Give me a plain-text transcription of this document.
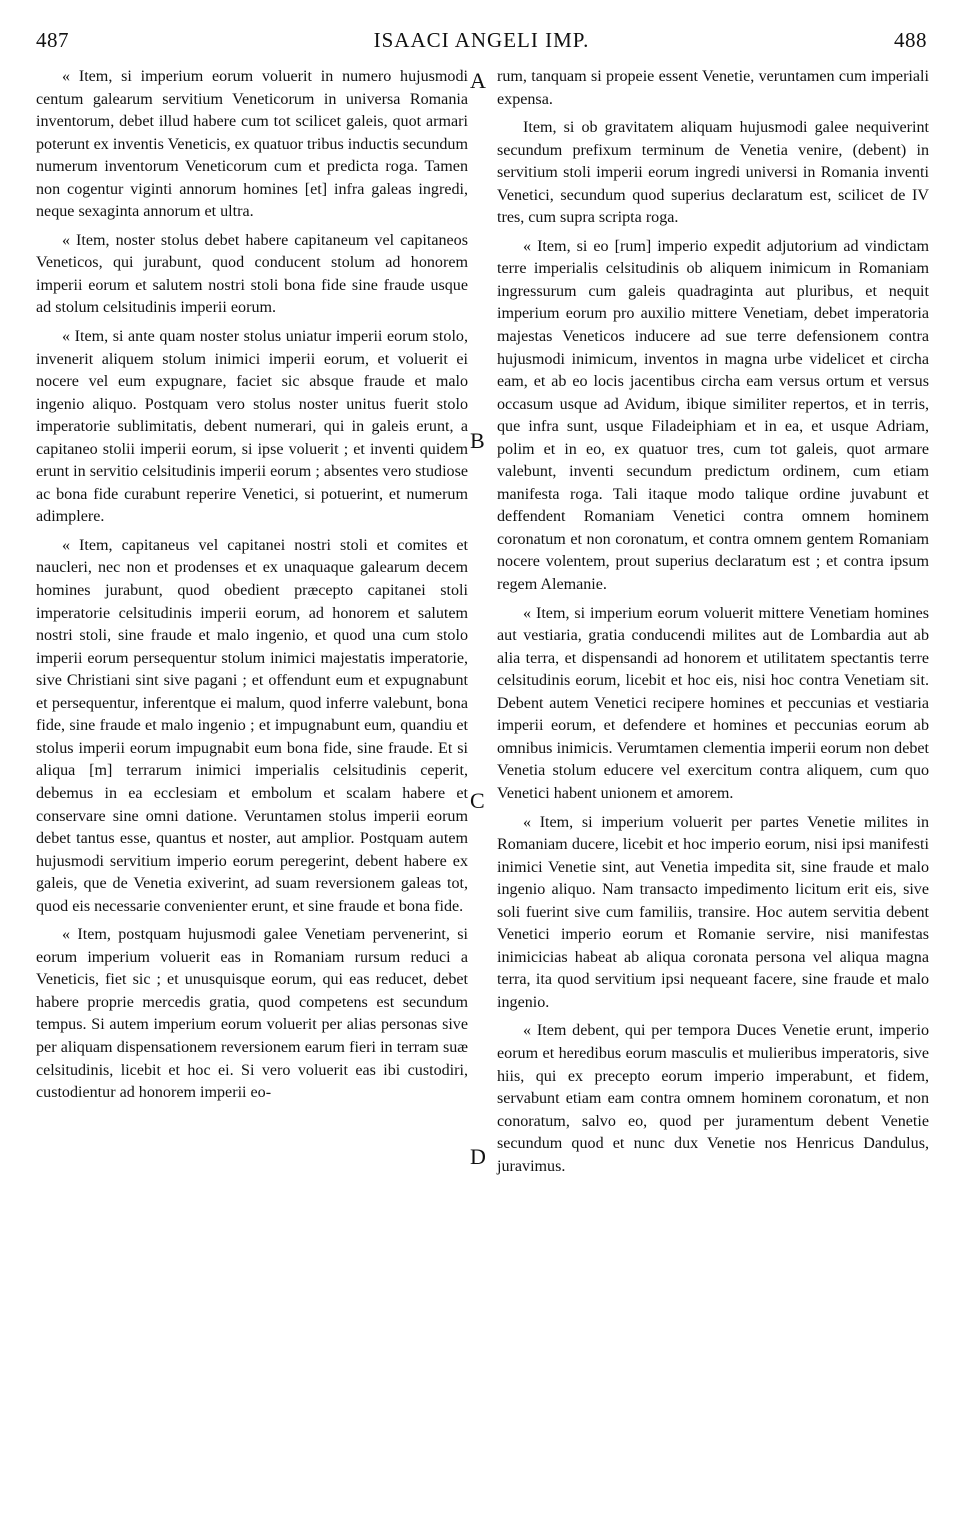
487	ISAACI ANGELI IMP.	488

« Item, si imperium eorum voluerit in numero hujusmodi centum galearum servitium Veneticorum in universa Romania inventorum, debet illud habere cum tot scilicet galeis, quot armari poterunt ex inventis Veneticis, ex quatuor tribus inductis secundum numerum inventorum Veneticorum cum et predicta roga. Tamen non cogentur viginti annorum homines [et] infra galeas ingredi, neque sexaginta annorum et ultra.

« Item, noster stolus debet habere capitaneum vel capitaneos Veneticos, qui jurabunt, quod conducent stolum ad honorem imperii eorum et salutem nostri stoli bona fide sine fraude usque ad stolum celsitudinis imperii eorum.

« Item, si ante quam noster stolus uniatur imperii eorum stolo, invenerit aliquem stolum inimici imperii eorum, et voluerit ei nocere vel eum expugnare, faciet sic absque fraude et malo ingenio aliquo. Postquam vero stolus noster unitus fuerit stolo imperatorie sublimitatis, debent numerari, qui in galeis erunt, a capitaneo stolii imperii eorum, si ipse voluerit ; et inventi quidem erunt in servitio celsitudinis imperii eorum ; absentes vero studiose ac bona fide curabunt reperire Venetici, si potuerint, et numerum adimplere.

« Item, capitaneus vel capitanei nostri stoli et comites et naucleri, nec non et prodenses et ex unaquaque galearum decem homines jurabunt, quod obedient præcepto capitanei stoli imperatorie celsitudinis imperii eorum, ad honorem et salutem nostri stoli, sine fraude et malo ingenio, et quod una cum stolo imperii eorum persequentur stolum inimici majestatis imperatorie, sive Christiani sint sive pagani ; et offendunt eum et expugnabunt et persequentur, inferentque ei malum, quod inferre valebunt, bona fide, sine fraude et malo ingenio ; et impugnabunt eum, quandiu et stolus imperii eorum impugnabit eum bona fide, sine fraude. Et si aliqua [m] terrarum inimici imperialis celsitudinis ceperit, debemus in ea ecclesiam et embolum et scalam habere et conservare sine omni datione. Veruntamen stolus imperii eorum debet tantus esse, quantus et noster, aut amplior. Postquam autem hujusmodi servitium imperio eorum peregerint, debent habere ex galeis, que de Venetia exiverint, ad suam reversionem galeas tot, quod eis necessarie convenienter erunt, et sine fraude et bona fide.

« Item, postquam hujusmodi galee Venetiam pervenerint, si eorum imperium voluerit eas in Romaniam rursum reduci a Veneticis, fiet sic ; et unusquisque eorum, qui eas reducet, debet habere proprie mercedis gratia, quod competens est secundum tempus. Si autem imperium eorum voluerit per alias personas sive per aliquam dispensationem reversionem earum fieri in terram suæ celsitudinis, licebit et hoc ei. Si vero voluerit eas ibi custodiri, custodientur ad honorem imperii eo-

A
B
C
D

rum, tanquam si propeie essent Venetie, veruntamen cum imperiali expensa.

Item, si ob gravitatem aliquam hujusmodi galee nequiverint secundum prefixum terminum de Venetia venire, (debent) in servitium stoli imperii eorum ingredi universi in Romania inventi Venetici, secundum quod superius declaratum est, scilicet de IV tres, cum supra scripta roga.

« Item, si eo [rum] imperio expedit adjutorium ad vindictam terre imperialis celsitudinis ob aliquem inimicum in Romaniam ingressurum cum galeis quadraginta aut pluribus, et nequit imperium eorum pro auxilio mittere Venetiam, debet imperatoria majestas Veneticos inducere ad sue terre defensionem contra hujusmodi inimicum, inventos in magna urbe videlicet et circha eam, et ab eo locis jacentibus circha eam versus ortum et versus occasum usque ad Avidum, ibique similiter repertos, et in terris, que infra sunt, usque Filadeiphiam et in ea, et usque Adriam, polim et in eo, ex quatuor tres, cum tot galeis, quot armare valebunt, inventi secundum predictum ordinem, cum etiam manifesta roga. Tali itaque modo talique ordine juvabunt et deffendent Romaniam Venetici contra omnem hominem coronatum et non coronatum, et contra omnem gentem Romaniam nocere volentem, prout superius declaratum est ; et contra ipsum regem Alemanie.

« Item, si imperium eorum voluerit mittere Venetiam homines aut vestiaria, gratia conducendi milites aut de Lombardia aut ab alia terra, et dispensandi ad honorem et utilitatem spectantis terre celsitudinis eorum, licebit et hoc eis, nisi hoc contra Venetiam sit. Debent autem Venetici recipere homines et peccunias et vestiaria imperii eorum, et defendere et homines et peccunias eorum ab omnibus inimicis. Verumtamen clementia imperii eorum non debet Venetia stolum educere vel exercitum contra aliquem, cum quo Venetici habent unionem et amorem.

« Item, si imperium voluerit per partes Venetie milites in Romaniam ducere, licebit et hoc imperio eorum, nisi ipsi manifesti inimici Venetie sint, aut Venetia impedita sit, sine fraude et malo ingenio aliquo. Nam transacto impedimento licitum erit eis, sive soli fuerint sive cum familiis, transire. Hoc autem servitia debent Venetici imperio eorum et Romanie servire, nisi manifestas inimicicias habeat ab aliqua coronata persona vel aliqua magna terra, ita quod servitium ipsi nequeant facere, sine fraude et malo ingenio.

« Item debent, qui per tempora Duces Venetie erunt, imperio eorum et heredibus eorum masculis et mulieribus imperatoris, sive hiis, qui ex precepto eorum imperio imperabunt, et fidem, servabunt etiam eam contra omnem hominem coronatum, et non conoratum, salvo eo, quod per juramentum debent Venetie secundum quod et nunc dux Venetie nos Henricus Dandulus, juravimus.
